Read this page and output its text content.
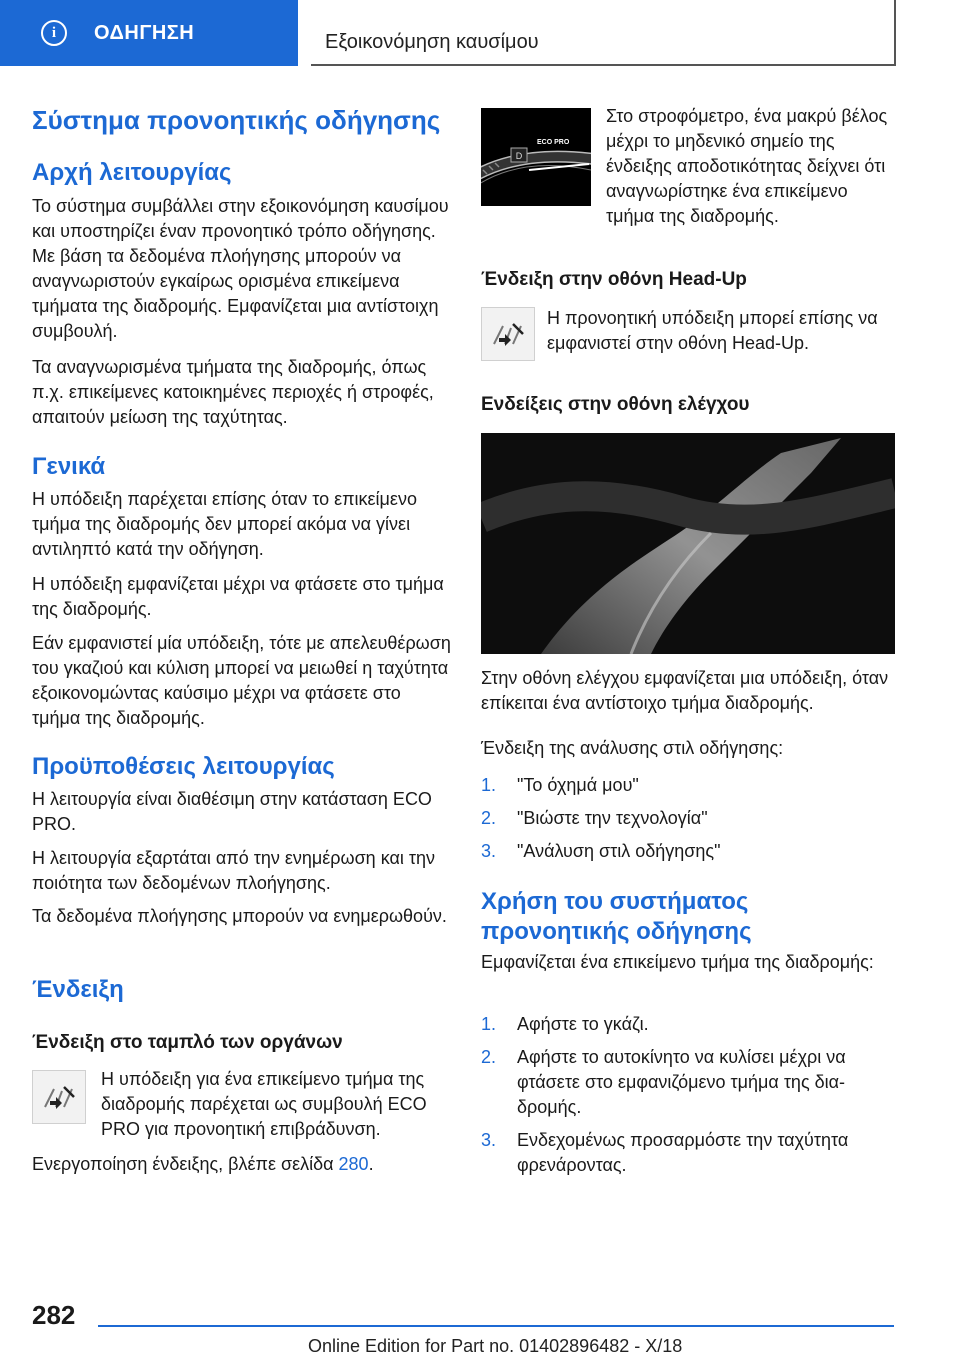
i	ΟΔΗΓΗΣΗ	Εξοικονόμηση καυσίμου
Σύστημα προνοητικής οδήγησης
Αρχή λειτουργίας

Το σύστημα συμβάλλει στην εξοικονόμηση καυσίμου και υποστηρίζει έναν προνοητικό τρόπο οδήγησης. Με βάση τα δεδομένα πλοήγησης μπορούν να αναγνωριστούν εγκαίρως ορισμένα επικείμενα τμήματα της διαδρομής. Εμφανίζεται μια αντίστοιχη συμβουλή.

Τα αναγνωρισμένα τμήματα της διαδρομής, όπως π.χ. επικείμενες κατοικημένες περιοχές ή στροφές, απαιτούν μείωση της ταχύτητας.

Γενικά

Η υπόδειξη παρέχεται επίσης όταν το επικείμενο τμήμα της διαδρομής δεν μπορεί ακόμα να γίνει αντιληπτό κατά την οδήγηση.

Η υπόδειξη εμφανίζεται μέχρι να φτάσετε στο τμήμα της διαδρομής.

Εάν εμφανιστεί μία υπόδειξη, τότε με απελευθέρωση του γκαζιού και κύλιση μπορεί να μειωθεί η ταχύτητα εξοικονομώντας καύσιμο μέχρι να φτάσετε στο τμήμα της διαδρομής.

Προϋποθέσεις λειτουργίας

Η λειτουργία είναι διαθέσιμη στην κατάσταση ECO PRO.

Η λειτουργία εξαρτάται από την ενημέρωση και την ποιότητα των δεδομένων πλοήγησης.

Τα δεδομένα πλοήγησης μπορούν να ενημερωθούν.

Ένδειξη
Ένδειξη στο ταμπλό των οργάνων

Η υπόδειξη για ένα επικείμενο τμήμα της διαδρομής παρέχεται ως συμβουλή ECO PRO για προνοητική επιβράδυνση.

Ενεργοποίηση ένδειξης, βλέπε σελίδα 280.

D
ECO PRO

Στο στροφόμετρο, ένα μακρύ βέλος μέχρι το μηδενικό σημείο της ένδειξης αποδοτικότητας δείχνει ότι αναγνωρίστηκε ένα επικείμενο τμήμα της διαδρομής.

Ένδειξη στην οθόνη Head-Up

Η προνοητική υπόδειξη μπορεί επίσης να εμφανιστεί στην οθόνη Head-Up.

Ενδείξεις στην οθόνη ελέγχου

Στην οθόνη ελέγχου εμφανίζεται μια υπόδειξη, όταν επίκειται ένα αντίστοιχο τμήμα διαδρομής.

Ένδειξη της ανάλυσης στιλ οδήγησης:

1. "Το όχημά μου"
2. "Βιώστε την τεχνολογία"
3. "Ανάλυση στιλ οδήγησης"
Χρήση του συστήματος προνοητικής οδήγησης

Εμφανίζεται ένα επικείμενο τμήμα της διαδρομής:

1. Αφήστε το γκάζι.
2. Αφήστε το αυτοκίνητο να κυλίσει μέχρι να φτάσετε στο εμφανιζόμενο τμήμα της διαδρομής.
3. Ενδεχομένως προσαρμόστε την ταχύτητα φρενάροντας.
282
Online Edition for Part no. 01402896482 - X/18
